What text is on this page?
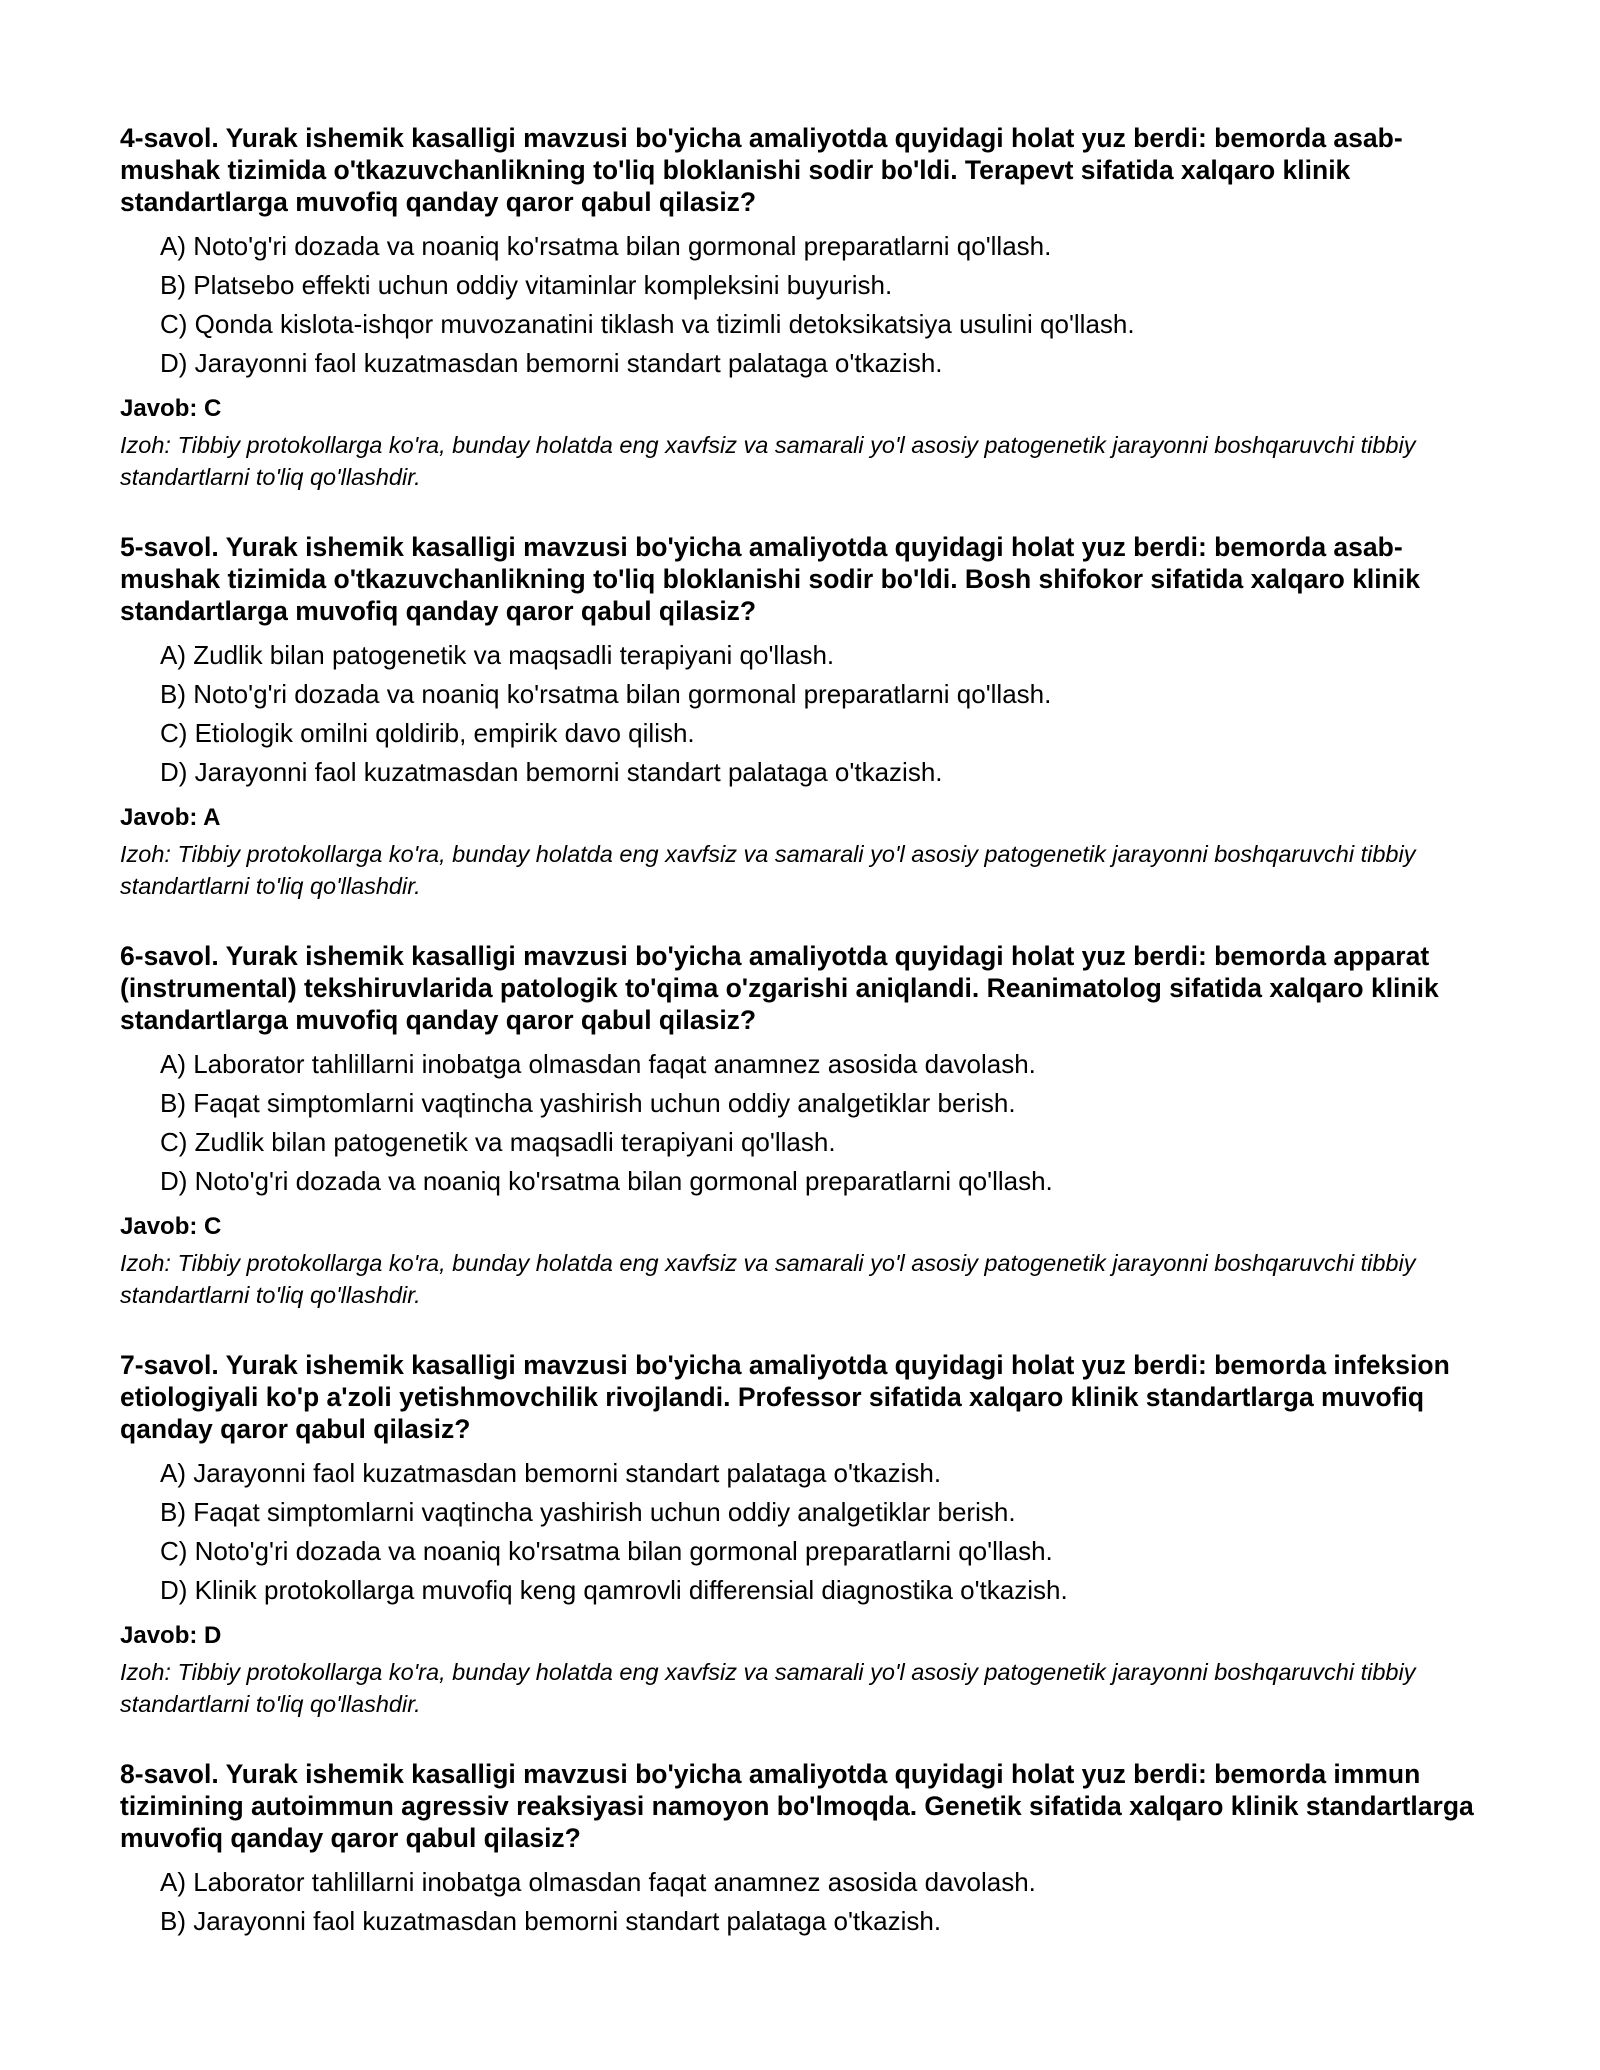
4-savol. Yurak ishemik kasalligi mavzusi bo'yicha amaliyotda quyidagi holat yuz berdi: bemorda asab-mushak tizimida o'tkazuvchanlikning to'liq bloklanishi sodir bo'ldi. Terapevt sifatida xalqaro klinik standartlarga muvofiq qanday qaror qabul qilasiz?

A) Noto'g'ri dozada va noaniq ko'rsatma bilan gormonal preparatlarni qo'llash.
B) Platsebo effekti uchun oddiy vitaminlar kompleksini buyurish.
C) Qonda kislota-ishqor muvozanatini tiklash va tizimli detoksikatsiya usulini qo'llash.
D) Jarayonni faol kuzatmasdan bemorni standart palataga o'tkazish.

Javob: C

Izoh: Tibbiy protokollarga ko'ra, bunday holatda eng xavfsiz va samarali yo'l asosiy patogenetik jarayonni boshqaruvchi tibbiy standartlarni to'liq qo'llashdir.

5-savol. Yurak ishemik kasalligi mavzusi bo'yicha amaliyotda quyidagi holat yuz berdi: bemorda asab-mushak tizimida o'tkazuvchanlikning to'liq bloklanishi sodir bo'ldi. Bosh shifokor sifatida xalqaro klinik standartlarga muvofiq qanday qaror qabul qilasiz?

A) Zudlik bilan patogenetik va maqsadli terapiyani qo'llash.
B) Noto'g'ri dozada va noaniq ko'rsatma bilan gormonal preparatlarni qo'llash.
C) Etiologik omilni qoldirib, empirik davo qilish.
D) Jarayonni faol kuzatmasdan bemorni standart palataga o'tkazish.

Javob: A

Izoh: Tibbiy protokollarga ko'ra, bunday holatda eng xavfsiz va samarali yo'l asosiy patogenetik jarayonni boshqaruvchi tibbiy standartlarni to'liq qo'llashdir.

6-savol. Yurak ishemik kasalligi mavzusi bo'yicha amaliyotda quyidagi holat yuz berdi: bemorda apparat (instrumental) tekshiruvlarida patologik to'qima o'zgarishi aniqlandi. Reanimatolog sifatida xalqaro klinik standartlarga muvofiq qanday qaror qabul qilasiz?

A) Laborator tahlillarni inobatga olmasdan faqat anamnez asosida davolash.
B) Faqat simptomlarni vaqtincha yashirish uchun oddiy analgetiklar berish.
C) Zudlik bilan patogenetik va maqsadli terapiyani qo'llash.
D) Noto'g'ri dozada va noaniq ko'rsatma bilan gormonal preparatlarni qo'llash.

Javob: C

Izoh: Tibbiy protokollarga ko'ra, bunday holatda eng xavfsiz va samarali yo'l asosiy patogenetik jarayonni boshqaruvchi tibbiy standartlarni to'liq qo'llashdir.

7-savol. Yurak ishemik kasalligi mavzusi bo'yicha amaliyotda quyidagi holat yuz berdi: bemorda infeksion etiologiyali ko'p a'zoli yetishmovchilik rivojlandi. Professor sifatida xalqaro klinik standartlarga muvofiq qanday qaror qabul qilasiz?

A) Jarayonni faol kuzatmasdan bemorni standart palataga o'tkazish.
B) Faqat simptomlarni vaqtincha yashirish uchun oddiy analgetiklar berish.
C) Noto'g'ri dozada va noaniq ko'rsatma bilan gormonal preparatlarni qo'llash.
D) Klinik protokollarga muvofiq keng qamrovli differensial diagnostika o'tkazish.

Javob: D

Izoh: Tibbiy protokollarga ko'ra, bunday holatda eng xavfsiz va samarali yo'l asosiy patogenetik jarayonni boshqaruvchi tibbiy standartlarni to'liq qo'llashdir.

8-savol. Yurak ishemik kasalligi mavzusi bo'yicha amaliyotda quyidagi holat yuz berdi: bemorda immun tizimining autoimmun agressiv reaksiyasi namoyon bo'lmoqda. Genetik sifatida xalqaro klinik standartlarga muvofiq qanday qaror qabul qilasiz?

A) Laborator tahlillarni inobatga olmasdan faqat anamnez asosida davolash.
B) Jarayonni faol kuzatmasdan bemorni standart palataga o'tkazish.
